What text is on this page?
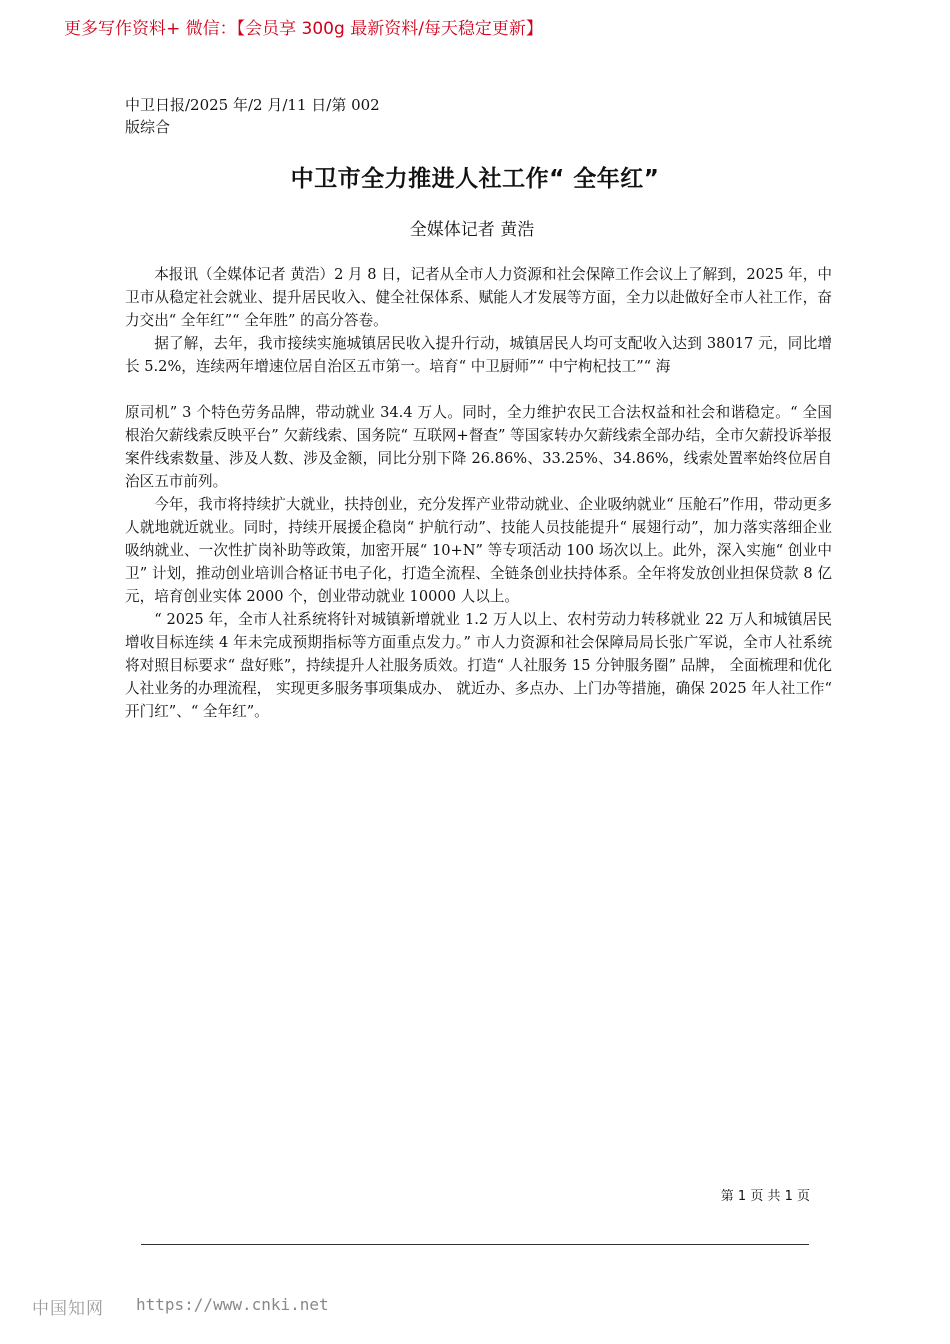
更多写作资料+ 微信：【会员享 300g 最新资料/每天稳定更新】
中卫日报/2025 年/2 月/11 日/第 002 版综合
中卫市全力推进人社工作“ 全年红”
全媒体记者 黄浩

本报讯（全媒体记者 黄浩）2 月 8 日，记者从全市人力资源和社会保障工作会议上了解到，2025 年，中卫市从稳定社会就业、提升居民收入、健全社保体系、赋能人才发展等方面，全力以赴做好全市人社工作，奋力交出“ 全年红”“ 全年胜” 的高分答卷。

据了解，去年，我市接续实施城镇居民收入提升行动，城镇居民人均可支配收入达到 38017 元，同比增长 5.2%，连续两年增速位居自治区五市第一。培育“ 中卫厨师”“ 中宁枸杞技工”“ 海

原司机” 3 个特色劳务品牌，带动就业 34.4 万人。同时，全力维护农民工合法权益和社会和谐稳定。“ 全国根治欠薪线索反映平台” 欠薪线索、国务院“ 互联网+督查” 等国家转办欠薪线索全部办结，全市欠薪投诉举报案件线索数量、涉及人数、涉及金额，同比分别下降 26.86%、33.25%、34.86%，线索处置率始终位居自治区五市前列。

今年，我市将持续扩大就业，扶持创业，充分发挥产业带动就业、企业吸纳就业“ 压舱石”作用，带动更多人就地就近就业。同时，持续开展援企稳岗“ 护航行动”、技能人员技能提升“ 展翅行动”，加力落实落细企业吸纳就业、一次性扩岗补助等政策，加密开展“ 10+N” 等专项活动 100 场次以上。此外，深入实施“ 创业中卫” 计划，推动创业培训合格证书电子化，打造全流程、全链条创业扶持体系。全年将发放创业担保贷款 8 亿元，培育创业实体 2000 个，创业带动就业 10000 人以上。

“ 2025 年，全市人社系统将针对城镇新增就业 1.2 万人以上、农村劳动力转移就业 22 万人和城镇居民增收目标连续 4 年未完成预期指标等方面重点发力。” 市人力资源和社会保障局局长张广军说，全市人社系统将对照目标要求“ 盘好账”，持续提升人社服务质效。打造“ 人社服务 15 分钟服务圈” 品牌， 全面梳理和优化人社业务的办理流程， 实现更多服务事项集成办、 就近办、多点办、上门办等措施，确保 2025 年人社工作“ 开门红”、“ 全年红”。

第 1 页 共 1 页
中国知网 https://www.cnki.net
